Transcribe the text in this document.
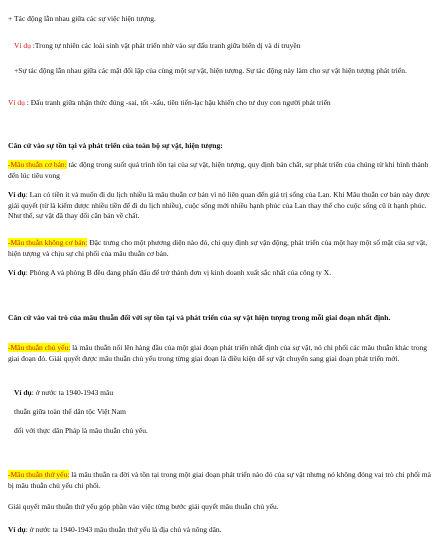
+ Tác động lẫn nhau giữa các sự việc hiện tượng.

Ví dụ :Trong tự nhiên các loài sinh vật phát triển nhờ vào sự đấu tranh giữa biến dị và di truyền

+Sự tác động lẫn nhau giữa các mặt đối lập của cùng một sự vật, hiện tượng. Sự tác động này làm cho sự vật hiện tượng phát triển.

Ví dụ : Đấu tranh giữa nhận thức đúng -sai, tốt -xấu, tiên tiến-lạc hậu khiến cho tư duy con người phát triển

Căn cứ vào sự tồn tại và phát triển của toàn bộ sự vật, hiện tượng:

-Mâu thuẫn cơ bản: tác động trong suốt quá trình tồn tại của sự vật, hiện tượng, quy định bản chất, sự phát triển của chúng từ khi hình thành đến lúc tiêu vong

Ví dụ: Lan có tiền ít và muốn đi du lịch nhiều là mâu thuẫn cơ bản vì nó liên quan đến giá trị sống của Lan. Khi Mâu thuẫn cơ bản này được giải quyết (từ là kiếm được nhiều tiền để đi du lịch nhiều), cuộc sống mới nhiều hạnh phúc của Lan thay thế cho cuộc sống cũ ít hạnh phúc. Như thế, sự vật đã thay đổi căn bản về chất.

-Mâu thuẫn không cơ bản: Đặc trưng cho một phương diện nào đó, chỉ quy định sự vận động, phát triển của một hay một số mặt của sự vật, hiện tượng và chịu sự chi phối của mâu thuẫn cơ bản.

Ví dụ: Phòng A và phòng B đều đang phấn đấu để trở thành đơn vị kinh doanh xuất sắc nhất của công ty X.

Căn cứ vào vai trò của mâu thuẫn đối với sự tồn tại và phát triển của sự vật hiện tượng trong mỗi giai đoạn nhất định.

-Mâu thuẫn chủ yếu: là mâu thuẫn nổi lên hàng đầu của một giai đoạn phát triển nhất định của sự vật, nó chi phối các mâu thuẫn khác trong giai đoạn đó. Giải quyết được mâu thuẫn chủ yếu trong từng giai đoạn là điều kiện để sự vật chuyển sang giai đoạn phát triển mới.

Ví dụ: ở nước ta 1940-1943 mâu

thuẫn giữa toàn thể dân tộc Việt Nam

đối với thực dân Pháp là mâu thuẫn chủ yếu.

-Mâu thuẫn thứ yếu: là mâu thuẫn ra đời và tồn tại trong một giai đoạn phát triển nào đó của sự vật nhưng nó không đóng vai trò chi phối mà bị mâu thuẫn chủ yếu chi phối.

Giải quyết mâu thuẫn thứ yếu góp phần vào việc từng bước giải quyết mâu thuẫn chủ yếu.

Ví dụ: ở nước ta 1940-1943 mâu thuẫn thứ yếu là địa chủ và nông dân.
